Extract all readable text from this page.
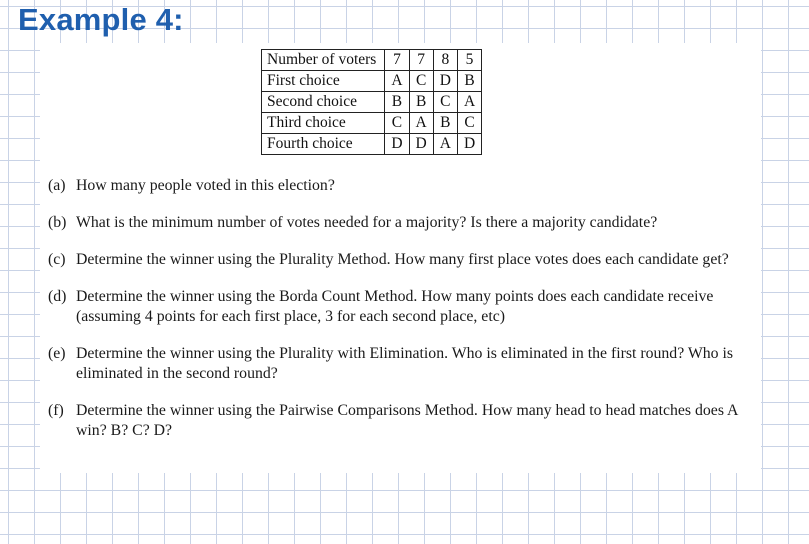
Example 4:
Number of voters	7	7	8	5
First choice	A	C	D	B
Second choice	B	B	C	A
Third choice	C	A	B	C
Fourth choice	D	D	A	D

(a) How many people voted in this election?

(b) What is the minimum number of votes needed for a majority? Is there a majority candidate?

(c) Determine the winner using the Plurality Method. How many first place votes does each candidate get?

(d) Determine the winner using the Borda Count Method. How many points does each candidate receive (assuming 4 points for each first place, 3 for each second place, etc)

(e) Determine the winner using the Plurality with Elimination. Who is eliminated in the first round? Who is eliminated in the second round?

(f) Determine the winner using the Pairwise Comparisons Method. How many head to head matches does A win? B? C? D?
